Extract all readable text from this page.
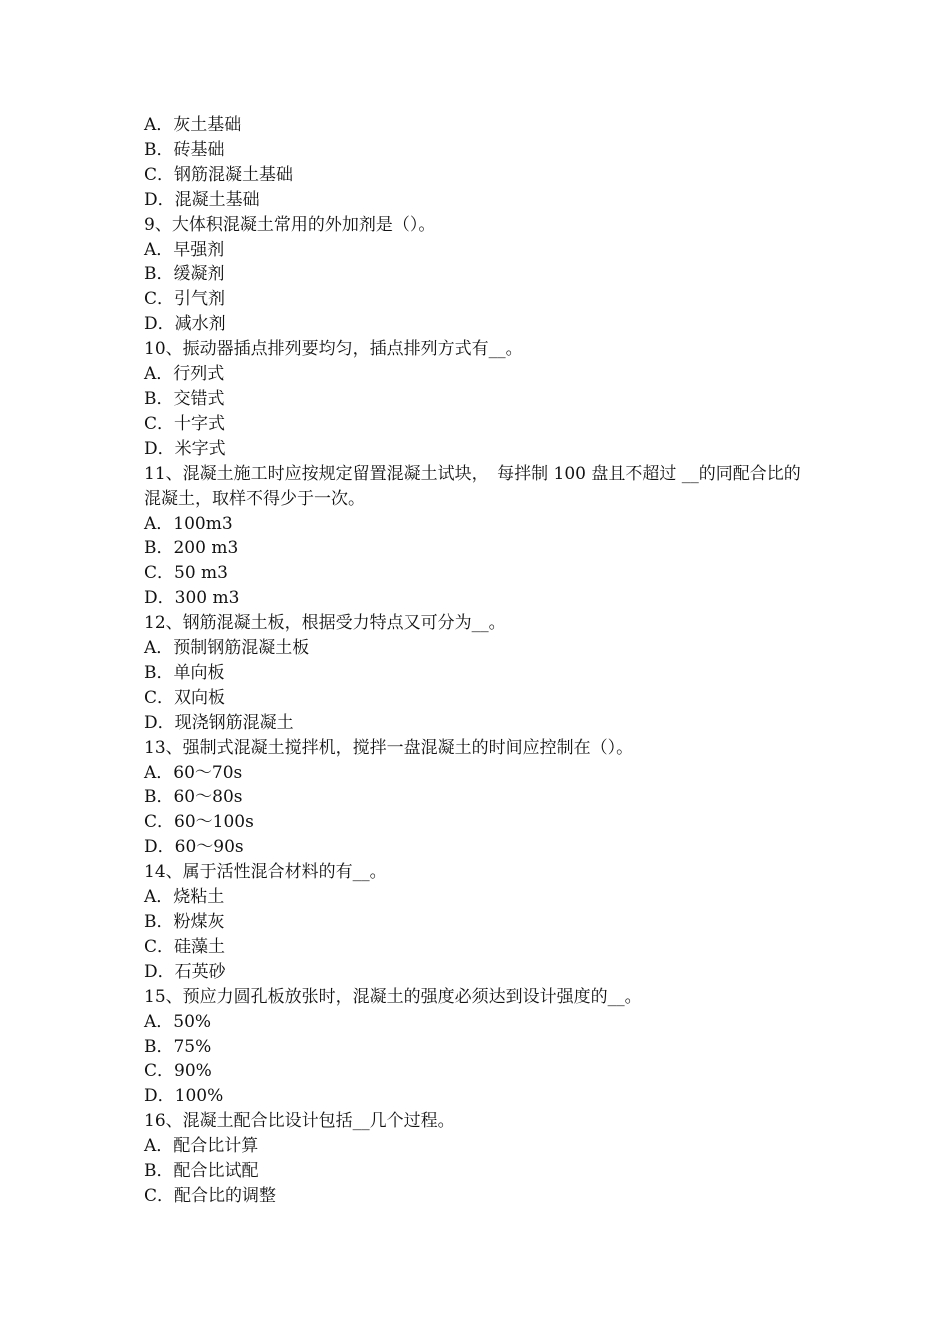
A．灰土基础

B．砖基础

C．钢筋混凝土基础

D．混凝土基础

9、大体积混凝土常用的外加剂是（）。

A．早强剂

B．缓凝剂

C．引气剂

D．减水剂

10、振动器插点排列要均匀，插点排列方式有__。

A．行列式

B．交错式

C．十字式

D．米字式

11、混凝土施工时应按规定留置混凝土试块，　每拌制 100 盘且不超过 __的同配合比的混凝土，取样不得少于一次。

A．100m3

B．200 m3

C．50 m3

D．300 m3

12、钢筋混凝土板，根据受力特点又可分为__。

A．预制钢筋混凝土板

B．单向板

C．双向板

D．现浇钢筋混凝土

13、强制式混凝土搅拌机，搅拌一盘混凝土的时间应控制在（）。

A．60～70s

B．60～80s

C．60～100s

D．60～90s

14、属于活性混合材料的有__。

A．烧粘土

B．粉煤灰

C．硅藻土

D．石英砂

15、预应力圆孔板放张时，混凝土的强度必须达到设计强度的__。

A．50%

B．75%

C．90%

D．100%

16、混凝土配合比设计包括__几个过程。

A．配合比计算

B．配合比试配

C．配合比的调整
